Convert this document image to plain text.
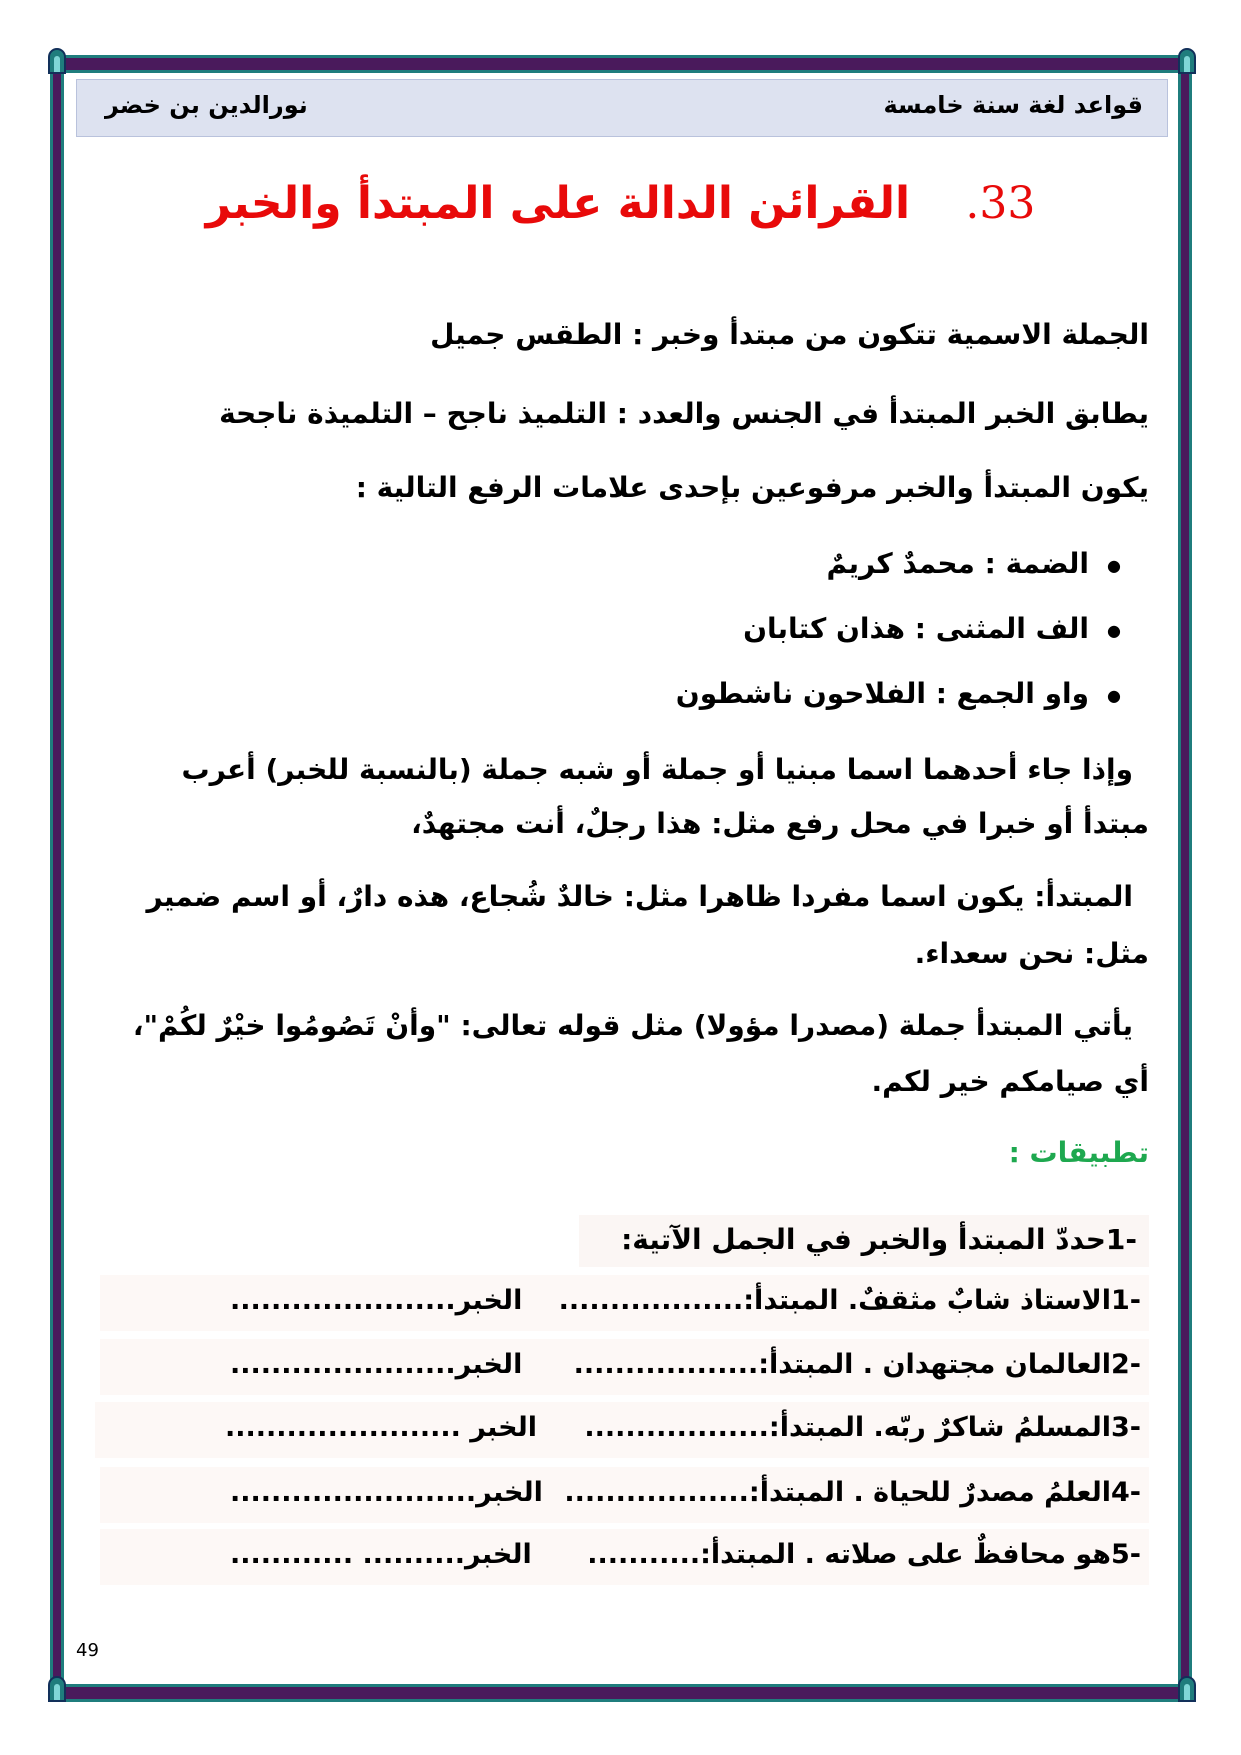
قواعد لغة سنة خامسة
نورالدين بن خضر
33. القرائن الدالة على المبتدأ والخبر
الجملة الاسمية تتكون من مبتدأ وخبر : الطقس جميل
يطابق الخبر المبتدأ في الجنس والعدد : التلميذ ناجح – التلميذة ناجحة
يكون المبتدأ والخبر مرفوعين بإحدى علامات الرفع التالية :
● الضمة : محمدٌ كريمٌ
● الف المثنى : هذان كتابان
● واو الجمع : الفلاحون ناشطون
وإذا جاء أحدهما اسما مبنيا أو جملة أو شبه جملة (بالنسبة للخبر) أعرب
مبتدأ أو خبرا في محل رفع مثل: هذا رجلٌ، أنت مجتهدٌ،
المبتدأ: يكون اسما مفردا ظاهرا مثل: خالدٌ شُجاع، هذه دارٌ، أو اسم ضمير
مثل: نحن سعداء.
يأتي المبتدأ جملة (مصدرا مؤولا) مثل قوله تعالى: "وأنْ تَصُومُوا خيْرٌ لكُمْ"،
أي صيامكم خير لكم.
تطبيقات :
-1حددّ المبتدأ والخبر في الجمل الآتية:
-1الاستاذ شابٌ مثقفٌ. المبتدأ:..................
الخبر......................
-2العالمان مجتهدان . المبتدأ:..................
الخبر......................
-3المسلمُ شاكرٌ ربّه. المبتدأ:..................
الخبر .......................
-4العلمُ مصدرٌ للحياة . المبتدأ:..................
الخبر........................
-5هو محافظٌ على صلاته . المبتدأ:...........
الخبر.......... ............
49
